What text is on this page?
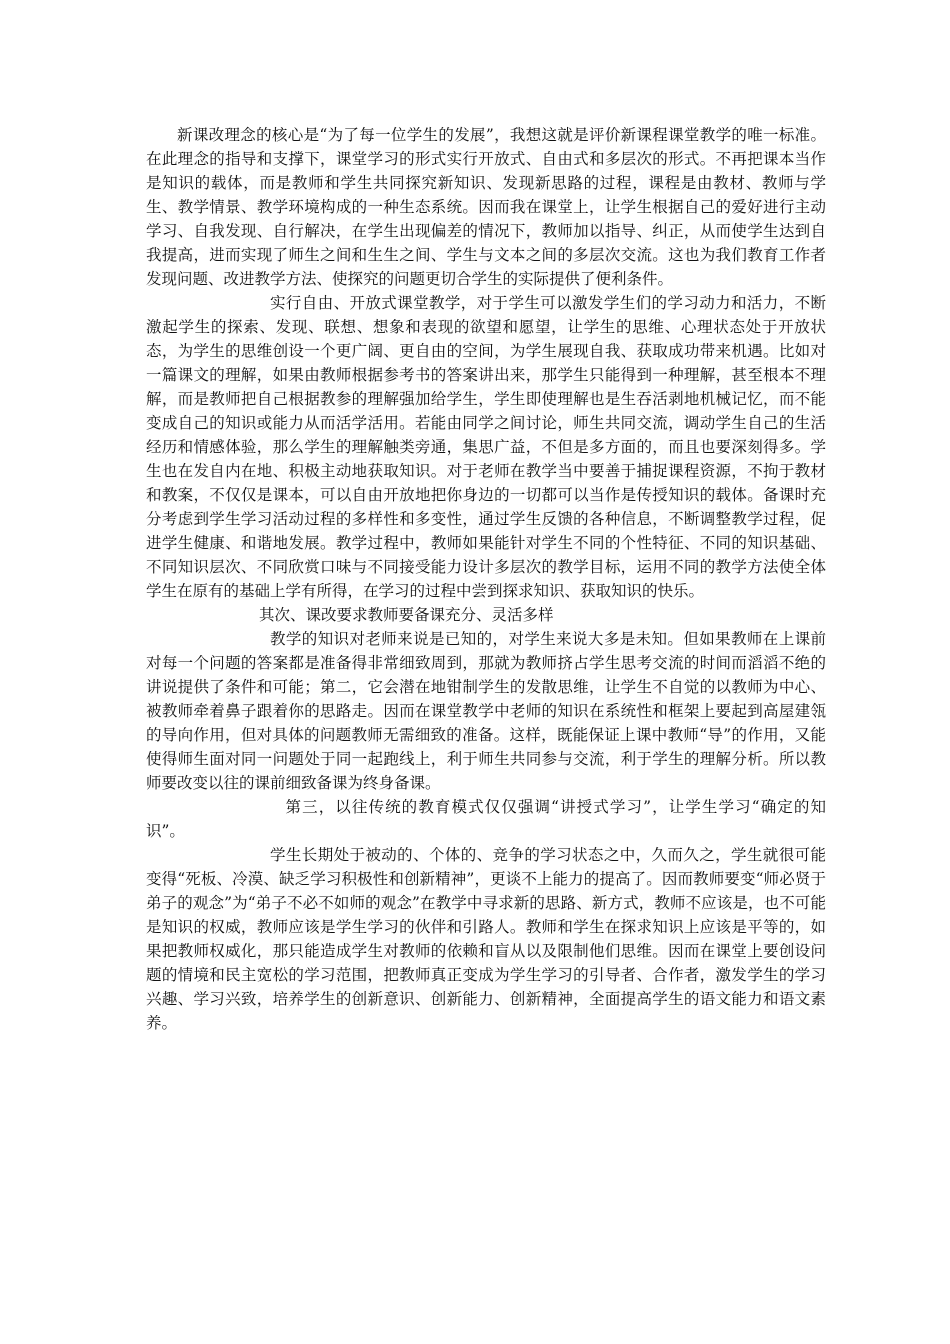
新课改理念的核心是“为了每一位学生的发展”，我想这就是评价新课程课堂教学的唯一标准。在此理念的指导和支撑下，课堂学习的形式实行开放式、自由式和多层次的形式。不再把课本当作是知识的载体，而是教师和学生共同探究新知识、发现新思路的过程，课程是由教材、教师与学生、教学情景、教学环境构成的一种生态系统。因而我在课堂上，让学生根据自己的爱好进行主动学习、自我发现、自行解决，在学生出现偏差的情况下，教师加以指导、纠正，从而使学生达到自我提高，进而实现了师生之间和生生之间、学生与文本之间的多层次交流。这也为我们教育工作者发现问题、改进教学方法、使探究的问题更切合学生的实际提供了便利条件。

实行自由、开放式课堂教学，对于学生可以激发学生们的学习动力和活力，不断激起学生的探索、发现、联想、想象和表现的欲望和愿望，让学生的思维、心理状态处于开放状态，为学生的思维创设一个更广阔、更自由的空间，为学生展现自我、获取成功带来机遇。比如对一篇课文的理解，如果由教师根据参考书的答案讲出来，那学生只能得到一种理解，甚至根本不理解，而是教师把自己根据教参的理解强加给学生，学生即使理解也是生吞活剥地机械记忆，而不能变成自己的知识或能力从而活学活用。若能由同学之间讨论，师生共同交流，调动学生自己的生活经历和情感体验，那么学生的理解触类旁通，集思广益，不但是多方面的，而且也要深刻得多。学生也在发自内在地、积极主动地获取知识。对于老师在教学当中要善于捕捉课程资源，不拘于教材和教案，不仅仅是课本，可以自由开放地把你身边的一切都可以当作是传授知识的载体。备课时充分考虑到学生学习活动过程的多样性和多变性，通过学生反馈的各种信息，不断调整教学过程，促进学生健康、和谐地发展。教学过程中，教师如果能针对学生不同的个性特征、不同的知识基础、不同知识层次、不同欣赏口味与不同接受能力设计多层次的教学目标，运用不同的教学方法使全体学生在原有的基础上学有所得，在学习的过程中尝到探求知识、获取知识的快乐。

其次、课改要求教师要备课充分、灵活多样

教学的知识对老师来说是已知的，对学生来说大多是未知。但如果教师在上课前对每一个问题的答案都是准备得非常细致周到，那就为教师挤占学生思考交流的时间而滔滔不绝的讲说提供了条件和可能；第二，它会潜在地钳制学生的发散思维，让学生不自觉的以教师为中心、被教师牵着鼻子跟着你的思路走。因而在课堂教学中老师的知识在系统性和框架上要起到高屋建瓴的导向作用，但对具体的问题教师无需细致的准备。这样，既能保证上课中教师“导”的作用，又能使得师生面对同一问题处于同一起跑线上，利于师生共同参与交流，利于学生的理解分析。所以教师要改变以往的课前细致备课为终身备课。

第三，以往传统的教育模式仅仅强调“讲授式学习”，让学生学习“确定的知识”。

学生长期处于被动的、个体的、竞争的学习状态之中，久而久之，学生就很可能变得“死板、冷漠、缺乏学习积极性和创新精神”，更谈不上能力的提高了。因而教师要变“师必贤于弟子的观念”为“弟子不必不如师的观念”在教学中寻求新的思路、新方式，教师不应该是，也不可能是知识的权威，教师应该是学生学习的伙伴和引路人。教师和学生在探求知识上应该是平等的，如果把教师权威化，那只能造成学生对教师的依赖和盲从以及限制他们思维。因而在课堂上要创设问题的情境和民主宽松的学习范围，把教师真正变成为学生学习的引导者、合作者，激发学生的学习兴趣、学习兴致，培养学生的创新意识、创新能力、创新精神，全面提高学生的语文能力和语文素养。
